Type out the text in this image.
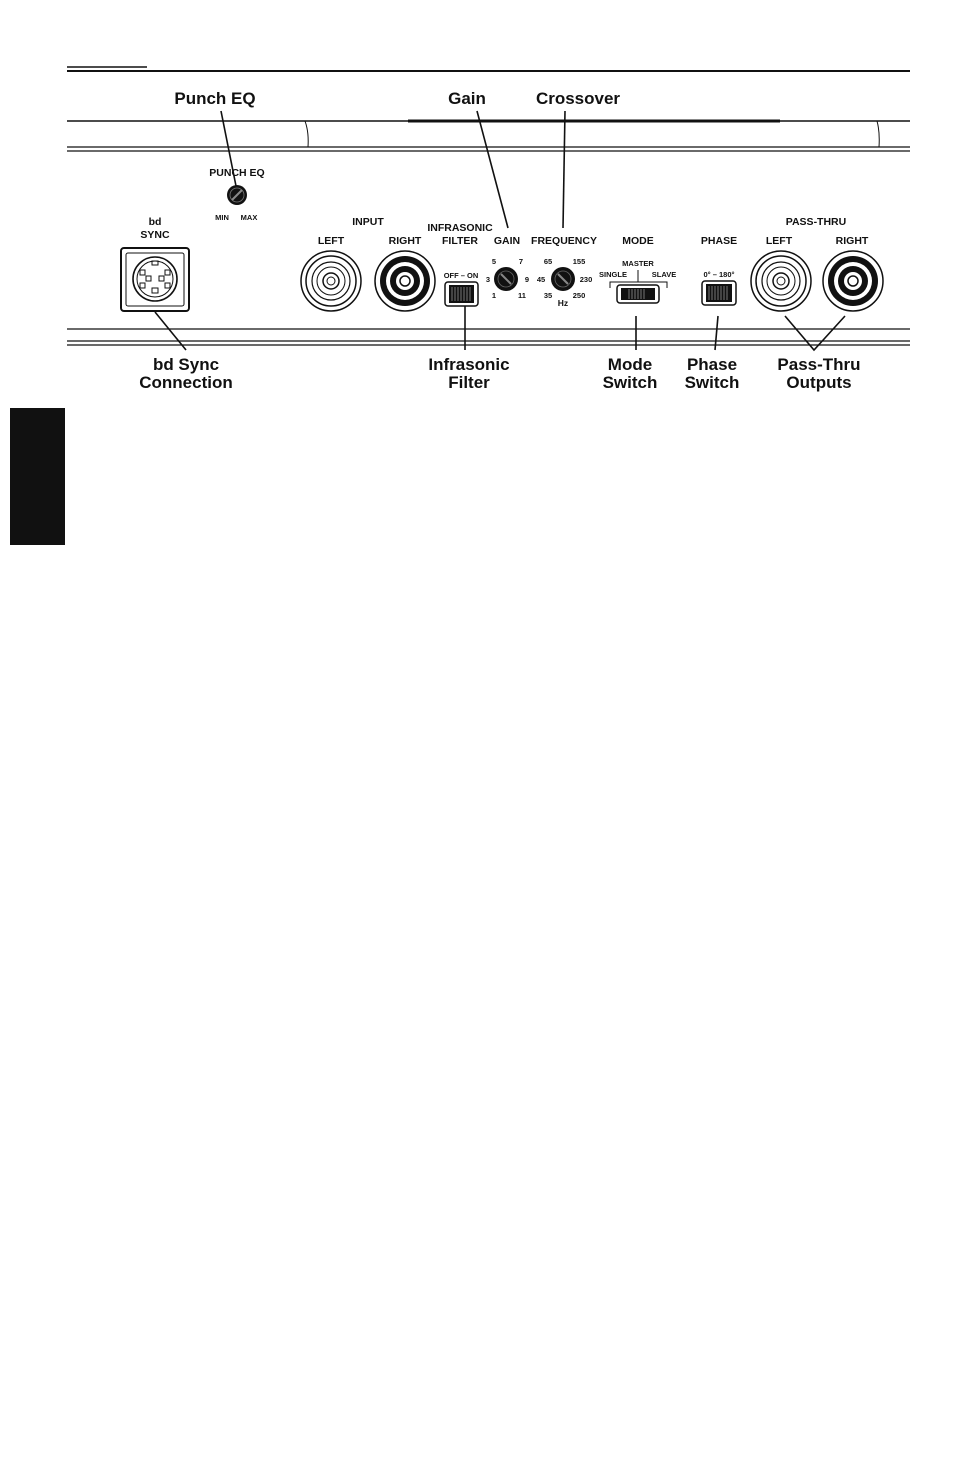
Punch EQ	Gain	Crossover
bd Sync
Connection
Infrasonic
Filter
Mode
Switch
Phase
Switch
Pass-Thru
Outputs
bd
SYNC
PUNCH EQ
MIN MAX	INPUT
LEFT	RIGHT
INFRASONIC
FILTER
OFF – ON
GAIN
5	7
3	9
1	11
FREQUENCY
65	155
45	230
35	250
Hz
MODE
MASTER
SINGLE	SLAVE
PHASE
0° – 180°
PASS-THRU
LEFT	RIGHT
